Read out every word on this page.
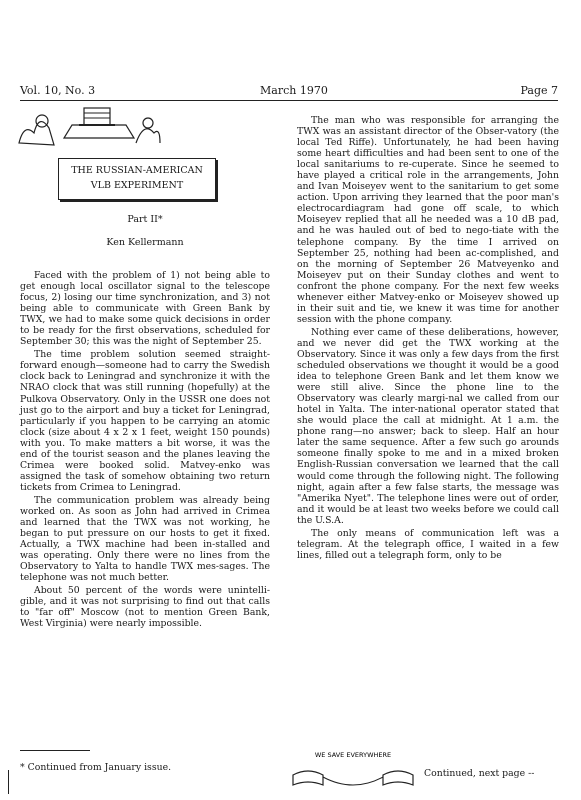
Vol. 10, No. 3	March 1970	Page 7
THE RUSSIAN-AMERICAN
VLB EXPERIMENT
Part II*
Ken Kellermann

Faced with the problem of 1) not being able to get enough local oscillator signal to the telescope focus, 2) losing our time synchronization, and 3) not being able to communicate with Green Bank by TWX, we had to make some quick decisions in order to be ready for the first observations, scheduled for September 30; this was the night of September 25.

The time problem solution seemed straight-forward enough—someone had to carry the Swedish clock back to Leningrad and synchronize it with the NRAO clock that was still running (hopefully) at the Pulkova Observatory. Only in the USSR one does not just go to the airport and buy a ticket for Leningrad, particularly if you happen to be carrying an atomic clock (size about 4 x 2 x 1 feet, weight 150 pounds) with you. To make matters a bit worse, it was the end of the tourist season and the planes leaving the Crimea were booked solid. Matvey-enko was assigned the task of somehow obtaining two return tickets from Crimea to Leningrad.

The communication problem was already being worked on. As soon as John had arrived in Crimea and learned that the TWX was not working, he began to put pressure on our hosts to get it fixed. Actually, a TWX machine had been in-stalled and was operating. Only there were no lines from the Observatory to Yalta to handle TWX mes-sages. The telephone was not much better.

About 50 percent of the words were unintelli-gible, and it was not surprising to find out that calls to "far off" Moscow (not to mention Green Bank, West Virginia) were nearly impossible.

The man who was responsible for arranging the TWX was an assistant director of the Obser-vatory (the local Ted Riffe). Unfortunately, he had been having some heart difficulties and had been sent to one of the local sanitariums to re-cuperate. Since he seemed to have played a critical role in the arrangements, John and Ivan Moiseyev went to the sanitarium to get some action. Upon arriving they learned that the poor man's electrocardiagram had gone off scale, to which Moiseyev replied that all he needed was a 10 dB pad, and he was hauled out of bed to nego-tiate with the telephone company. By the time I arrived on September 25, nothing had been ac-complished, and on the morning of September 26 Matveyenko and Moiseyev put on their Sunday clothes and went to confront the phone company. For the next few weeks whenever either Matvey-enko or Moiseyev showed up in their suit and tie, we knew it was time for another session with the phone company.

Nothing ever came of these deliberations, however, and we never did get the TWX working at the Observatory. Since it was only a few days from the first scheduled observations we thought it would be a good idea to telephone Green Bank and let them know we were still alive. Since the phone line to the Observatory was clearly margi-nal we called from our hotel in Yalta. The inter-national operator stated that she would place the call at midnight. At 1 a.m. the phone rang—no answer; back to sleep. Half an hour later the same sequence. After a few such go arounds someone finally spoke to me and in a mixed broken English-Russian conversation we learned that the call would come through the following night. The following night, again after a few false starts, the message was "Amerika Nyet". The telephone lines were out of order, and it would be at least two weeks before we could call the U.S.A.

The only means of communication left was a telegram. At the telegraph office, I waited in a few lines, filled out a telegraph form, only to be

* Continued from January issue.
WE SAVE EVERYWHERE
Continued, next page --
